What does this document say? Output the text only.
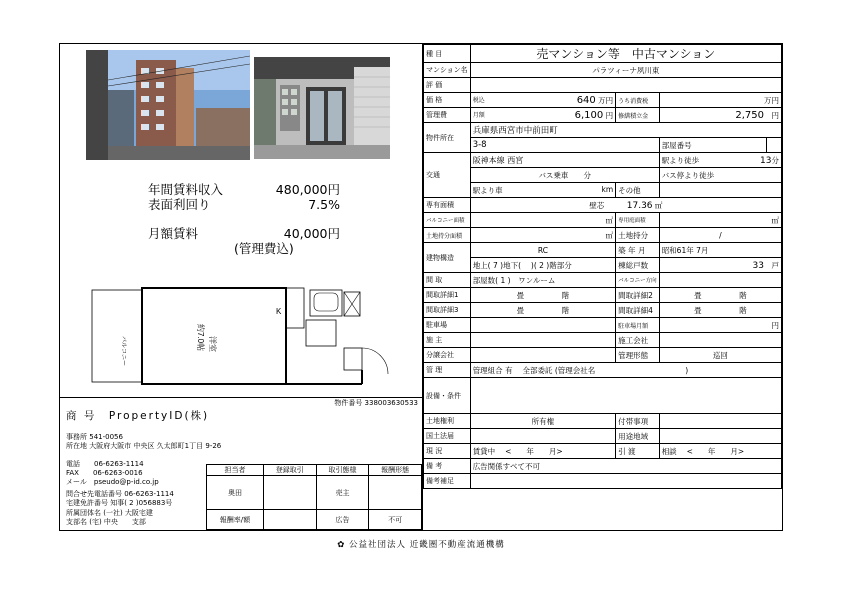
年間賃料収入	480,000円
表面利回り	7.5%
月額賃料	40,000円
(管理費込)
バルコニー	洋室
約7.0帖
K
物件番号 338003630533
商 号　 PropertyID(株)
事務所 541-0056
所在地 大阪府大阪市 中央区 久太郎町1丁目 9-26
電話　　 06-6263-1114
FAX　　 06-6263-0016
メール　 pseudo@p-id.co.jp
問合せ先電話番号 06-6263-1114
宅建免許番号 知事( 2 )056883号
所属団体名 (一社) 大阪宅建
支部名 (宅) 中央　　支部
担当者	登録取引	取引態様	報酬形態
奥田		売主	
報酬率/額		広告	不可
種 目	売マンション等　中古マンション			
マンション名	パラツィーナ夙川東			
評 価				
価 格	税込 640 万円	うち消費税	万円	
管理費	月額 6,100 円	修繕積立金	2,750　 円	
物件所在	兵庫県西宮市中前田町			
	3-8		部屋番号	
交通	阪神本線 西宮		駅より徒歩 13分	
	バス乗車　　 分		バス停より徒歩	

	駅より車 km	その他		
専有面積	壁芯　　　 17.36 ㎡			
バルコニー面積	㎡	専用庭面積	㎡	
土地持分面積	㎡	土地持分	/	
建物構造	RC	築 年 月	昭和61年 7月	
	地上( 7 )地下(　 )( 2 )階部分	棟総戸数	33　 戸	
間 取	部屋数( 1 )　ワンルーム	バルコニー方向		
間取詳細1	畳　　　　　 階	間取詳細2	畳　　　　　 階	
間取詳細3	畳　　　　　 階	間取詳細4	畳　　　　　 階	
駐車場		駐車場月額	円	
施 主		施工会社		
分譲会社		管理形態	巡回	
管 理	管理組合 有　 全部委託 (管理会社名　　　　　　　　　　　　)			
設備・条件				
土地権利	所有権	付帯事項		
国土法届		用途地域		
現 況	賃貸中　 <　　年　　月>	引 渡	相談　 <　　年　　月>	
備 考	広告関係すべて不可			
備考補足				
✿ 公益社団法人 近畿圏不動産流通機構
